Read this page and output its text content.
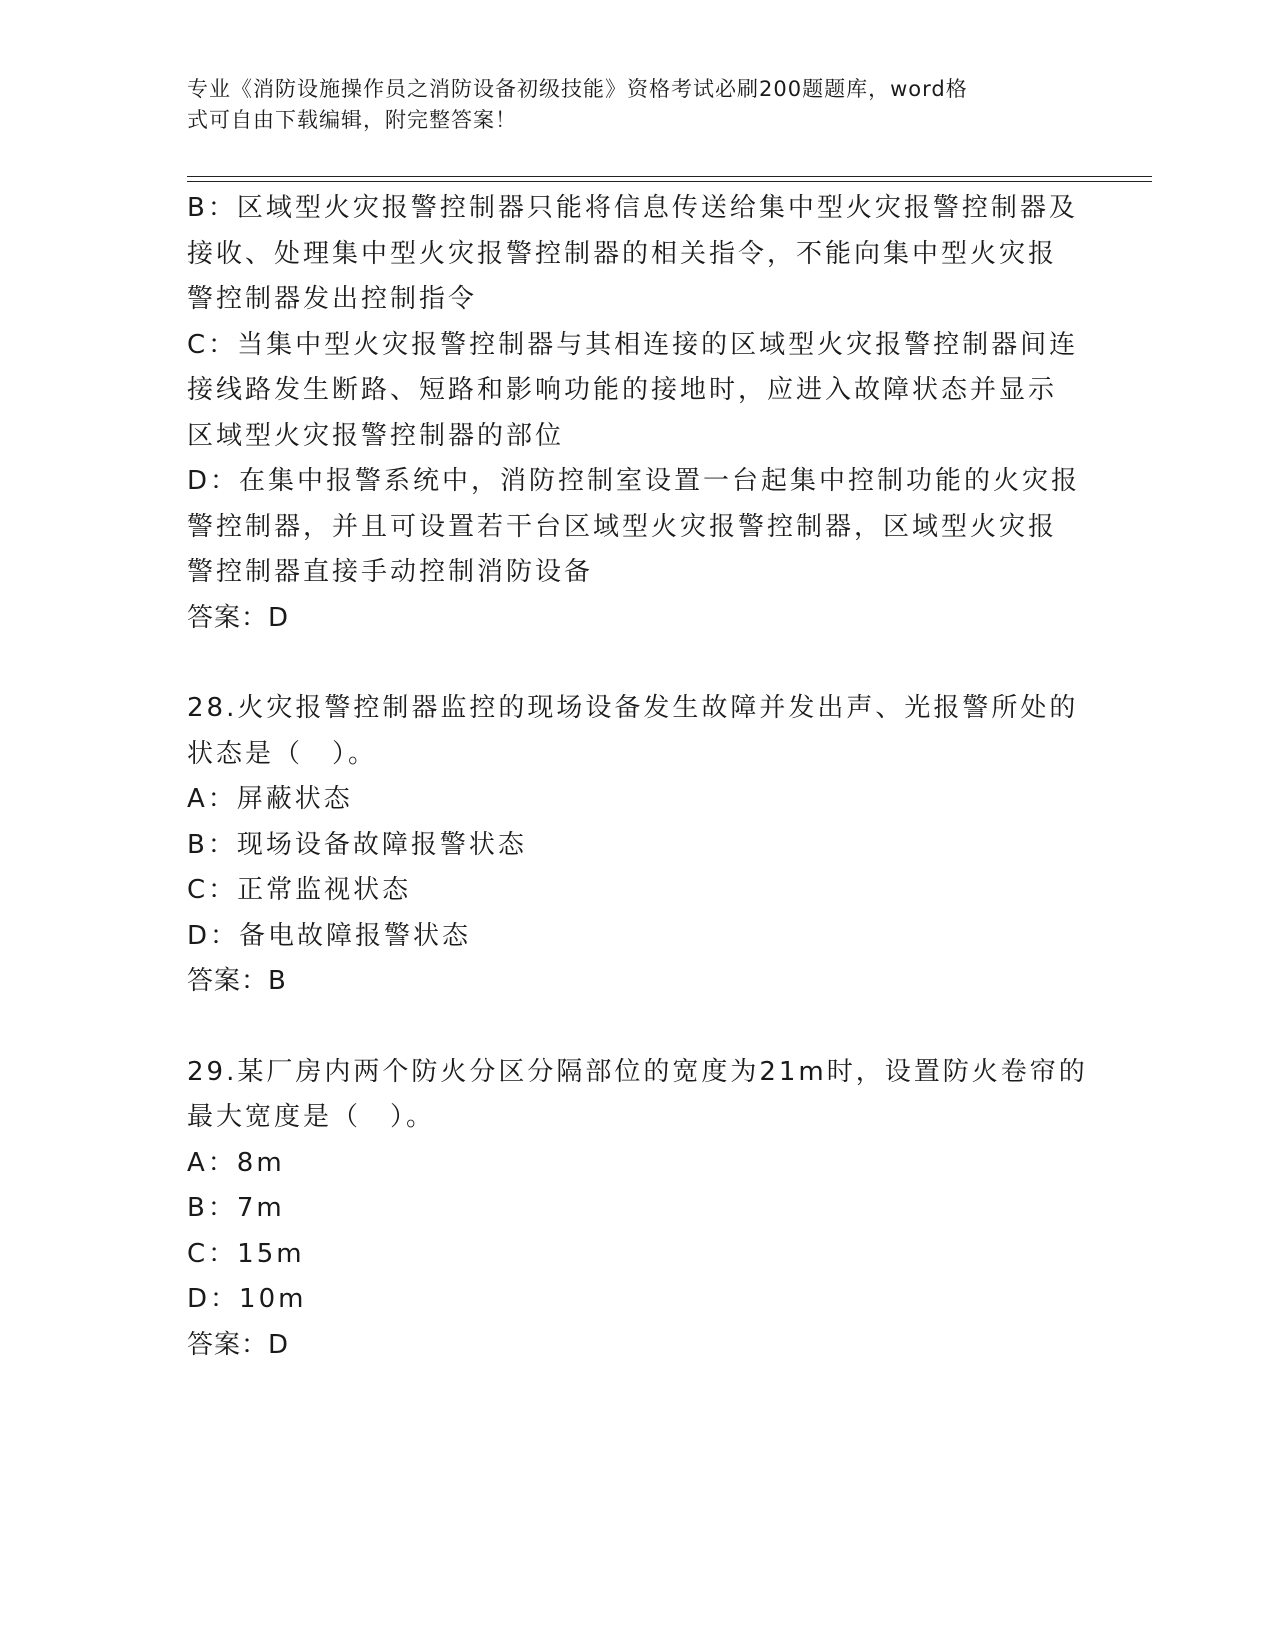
专业《消防设施操作员之消防设备初级技能》资格考试必刷200题题库，word格
式可自由下载编辑，附完整答案！
B：区域型火灾报警控制器只能将信息传送给集中型火灾报警控制器及
接收、处理集中型火灾报警控制器的相关指令，不能向集中型火灾报
警控制器发出控制指令
C：当集中型火灾报警控制器与其相连接的区域型火灾报警控制器间连
接线路发生断路、短路和影响功能的接地时，应进入故障状态并显示
区域型火灾报警控制器的部位
D：在集中报警系统中，消防控制室设置一台起集中控制功能的火灾报
警控制器，并且可设置若干台区域型火灾报警控制器，区域型火灾报
警控制器直接手动控制消防设备
答案：D
28.火灾报警控制器监控的现场设备发生故障并发出声、光报警所处的
状态是（　）。
A：屏蔽状态
B：现场设备故障报警状态
C：正常监视状态
D：备电故障报警状态
答案：B
29.某厂房内两个防火分区分隔部位的宽度为21m时，设置防火卷帘的
最大宽度是（　）。
A：8m
B：7m
C：15m
D：10m
答案：D
